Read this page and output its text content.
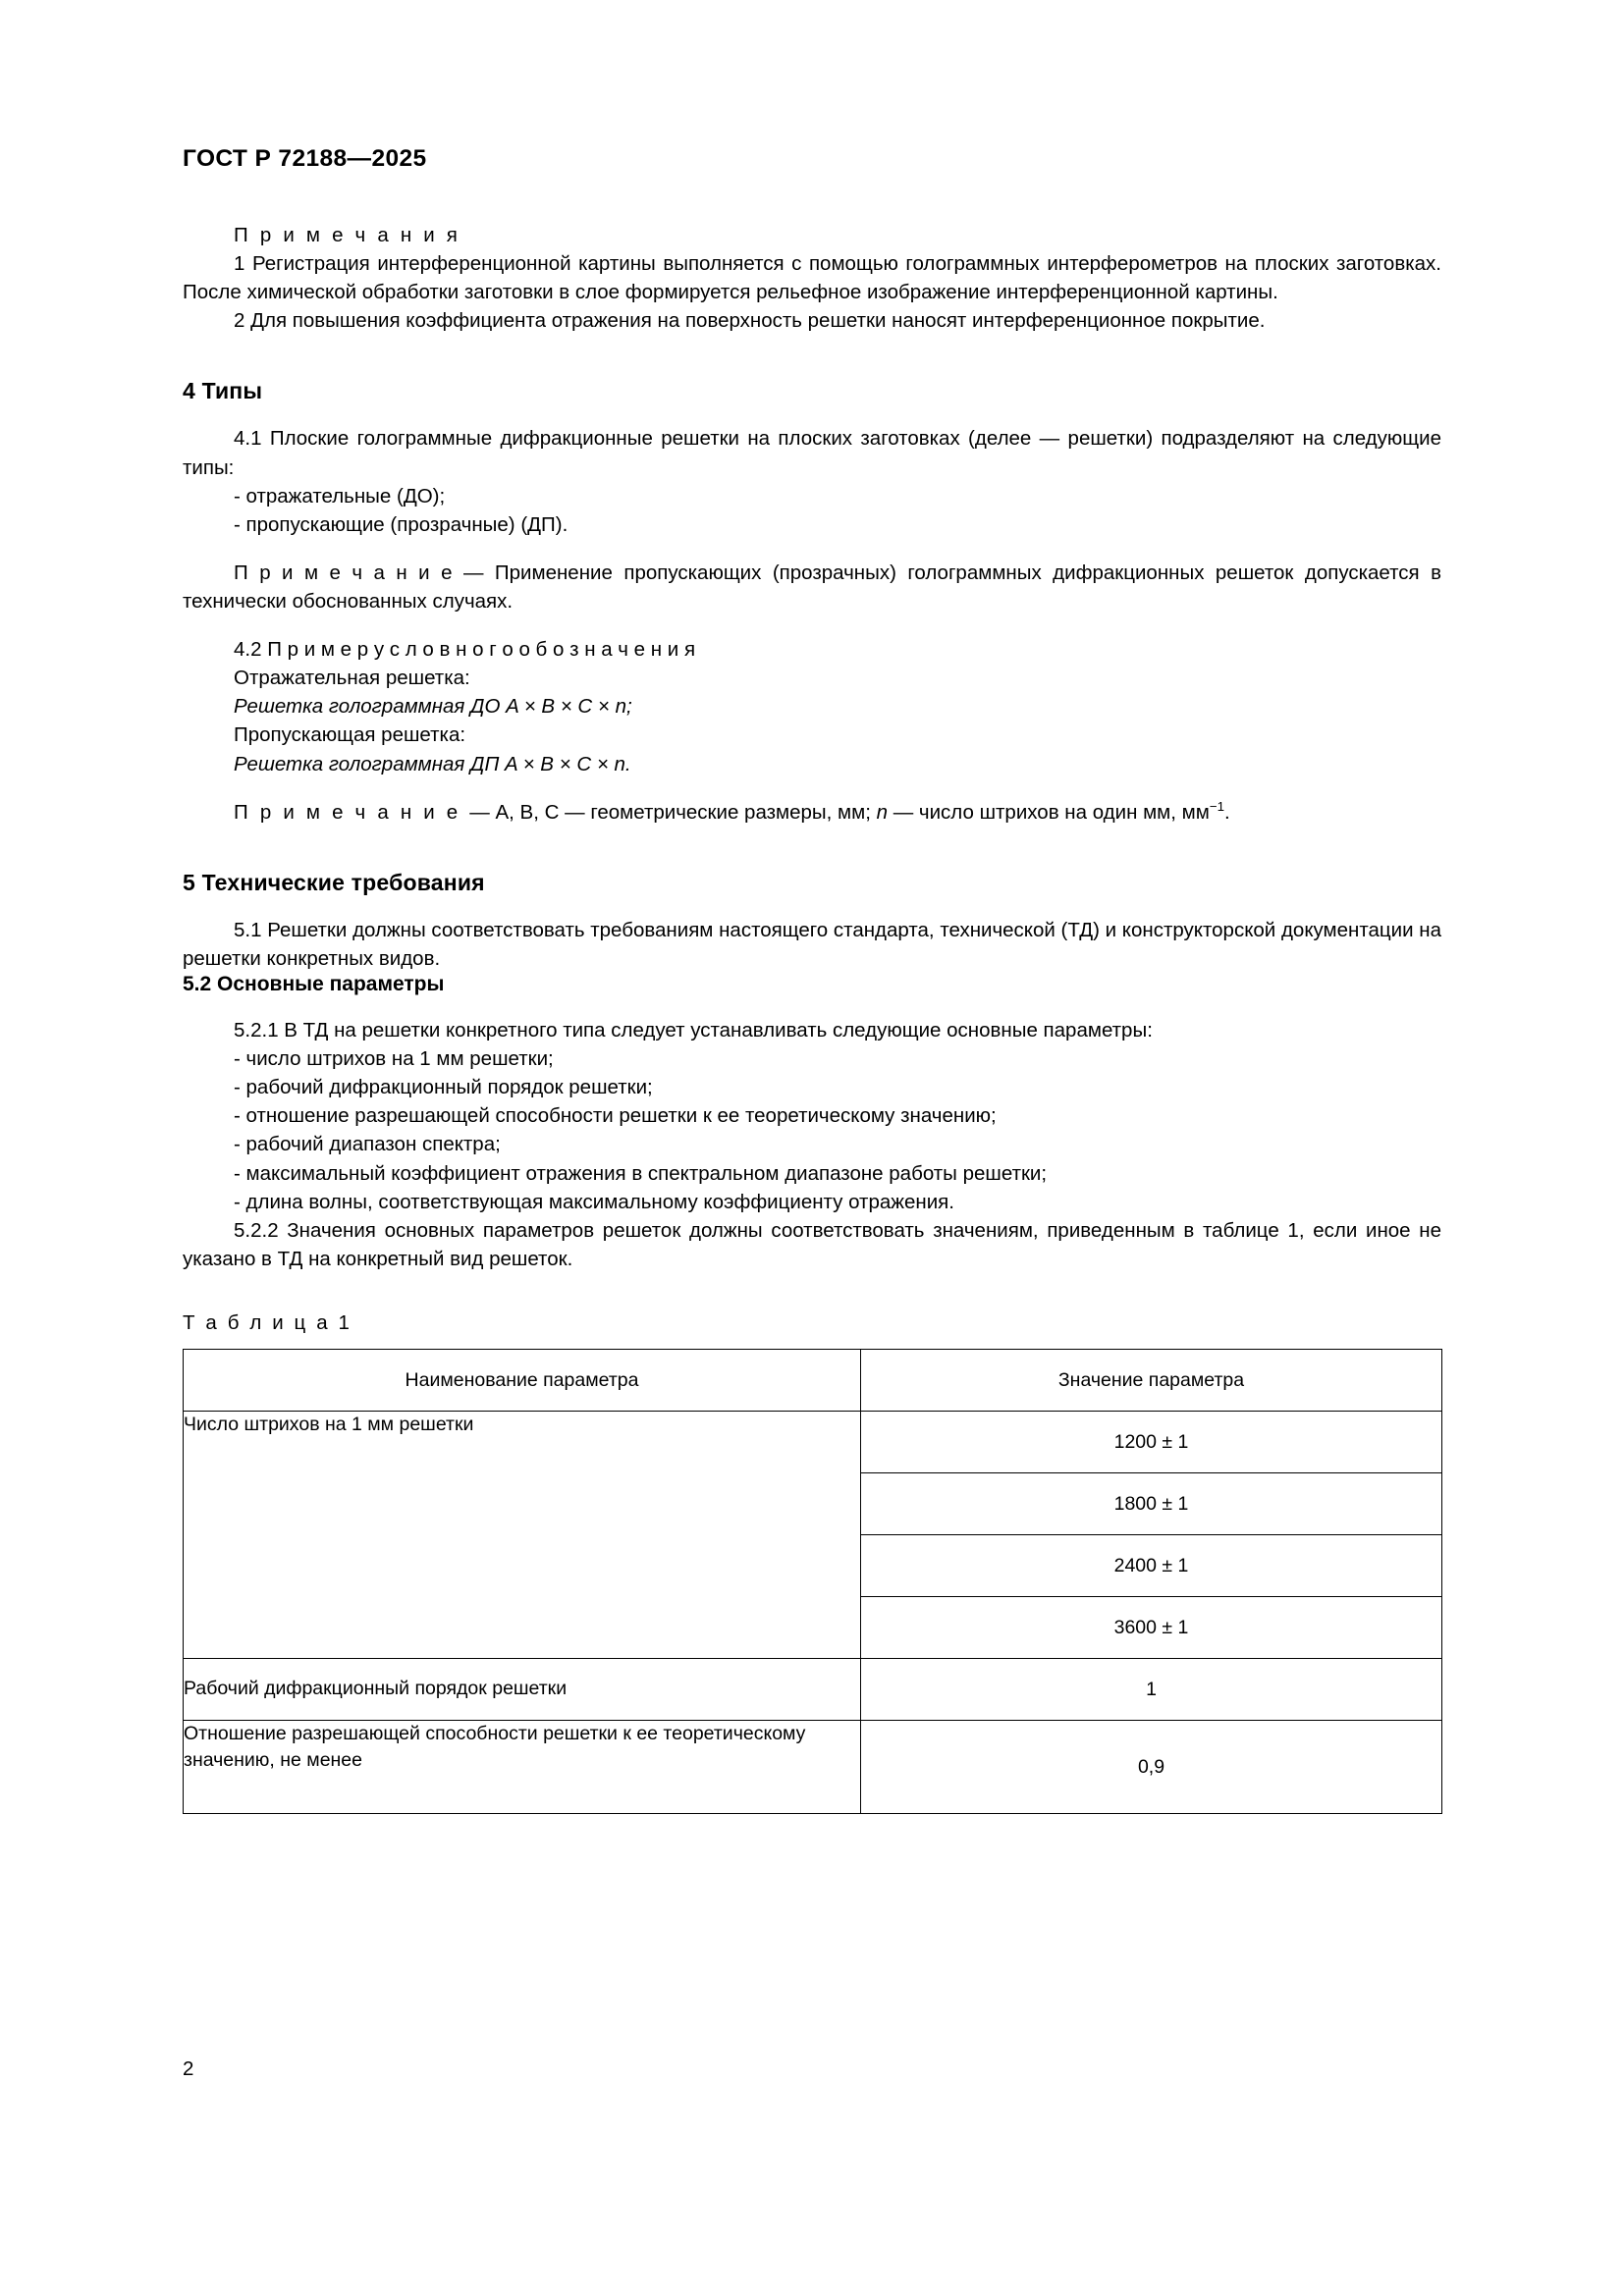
ГОСТ Р 72188—2025

П р и м е ч а н и я

1 Регистрация интерференционной картины выполняется с помощью голограммных интерферометров на плоских заготовках. После химической обработки заготовки в слое формируется рельефное изображение интерференционной картины.

2 Для повышения коэффициента отражения на поверхность решетки наносят интерференционное покрытие.

4 Типы

4.1 Плоские голограммные дифракционные решетки на плоских заготовках (делее — решетки) подразделяют на следующие типы:

- отражательные (ДО);

- пропускающие (прозрачные) (ДП).

П р и м е ч а н и е — Применение пропускающих (прозрачных) голограммных дифракционных решеток допускается в технически обоснованных случаях.

4.2 П р и м е р у с л о в н о г о о б о з н а ч е н и я

Отражательная решетка:

Решетка голограммная ДО A × B × C × n;

Пропускающая решетка:

Решетка голограммная ДП A × B × C × n.

П р и м е ч а н и е — A, B, C — геометрические размеры, мм; n — число штрихов на один мм, $мм^{-1}$.

5 Технические требования

5.1 Решетки должны соответствовать требованиям настоящего стандарта, технической (ТД) и конструкторской документации на решетки конкретных видов.

5.2 Основные параметры

5.2.1 В ТД на решетки конкретного типа следует устанавливать следующие основные параметры:

- число штрихов на 1 мм решетки;

- рабочий дифракционный порядок решетки;

- отношение разрешающей способности решетки к ее теоретическому значению;

- рабочий диапазон спектра;

- максимальный коэффициент отражения в спектральном диапазоне работы решетки;

- длина волны, соответствующая максимальному коэффициенту отражения.

5.2.2 Значения основных параметров решеток должны соответствовать значениям, приведенным в таблице 1, если иное не указано в ТД на конкретный вид решеток.

Т а б л и ц а 1

Наименование параметра	Значение параметра
Число штрихов на 1 мм решетки	1200 ± 1
	1800 ± 1
	2400 ± 1
	3600 ± 1
Рабочий дифракционный порядок решетки	1
Отношение разрешающей способности решетки к ее теоретическому значению, не менее	0,9
2
